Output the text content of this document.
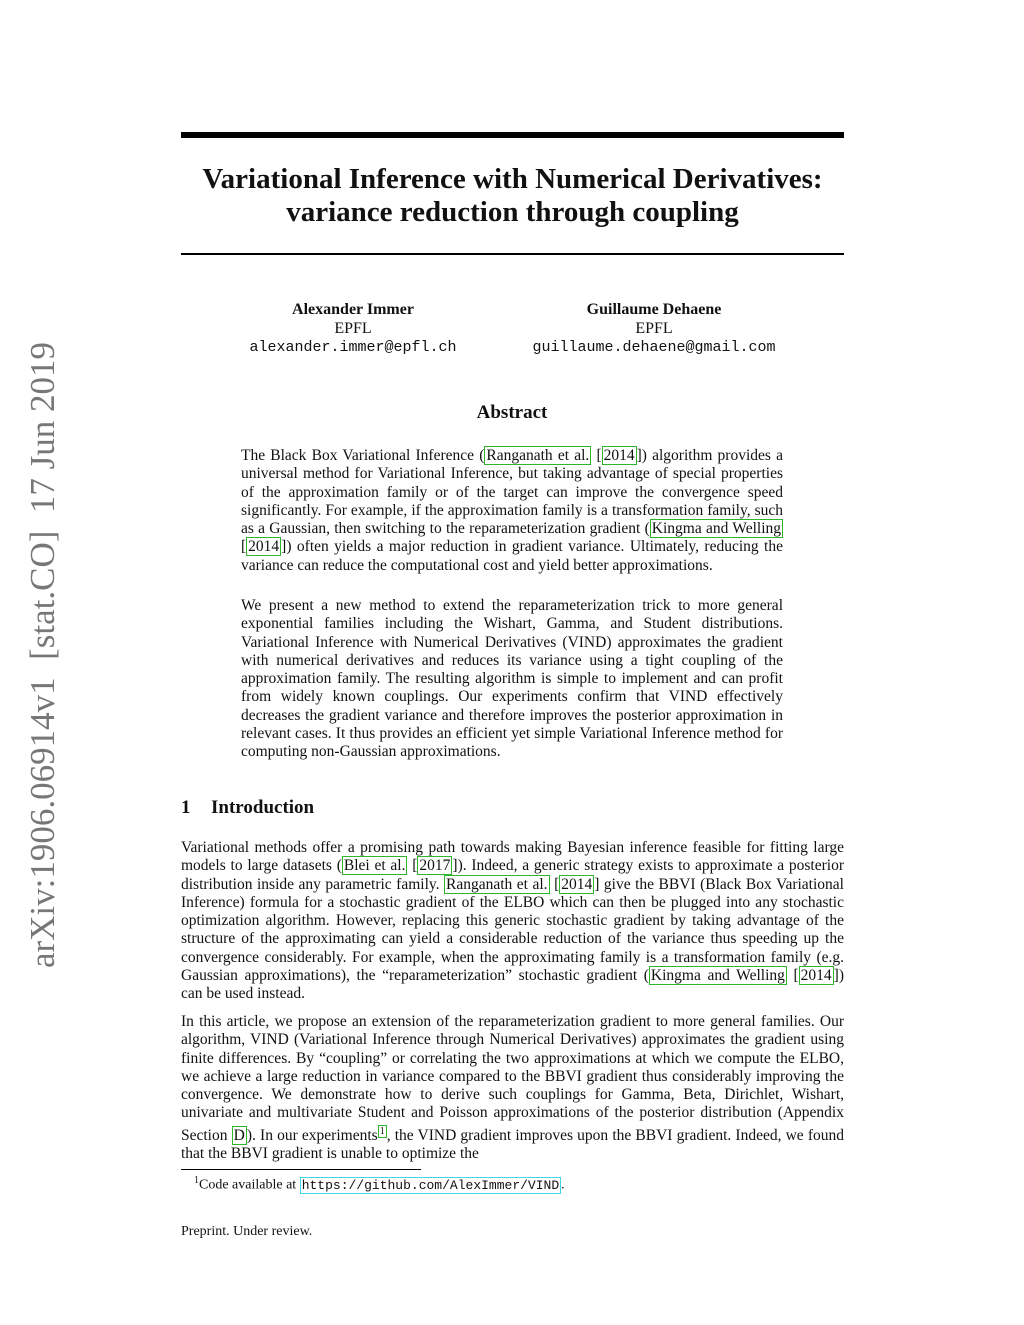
Variational Inference with Numerical Derivatives: variance reduction through coupling
Alexander Immer
EPFL
alexander.immer@epfl.ch
Guillaume Dehaene
EPFL
guillaume.dehaene@gmail.com
Abstract
The Black Box Variational Inference ( Ranganath et al. [ 2014 ]) algorithm provides a universal method for Variational Inference, but taking advantage of special properties of the approximation family or of the target can improve the convergence speed significantly. For example, if the approximation family is a transformation family, such as a Gaussian, then switching to the reparameterization gradient ( Kingma and Welling [ 2014 ]) often yields a major reduction in gradient variance. Ultimately, reducing the variance can reduce the computational cost and yield better approximations.
We present a new method to extend the reparameterization trick to more general exponential families including the Wishart, Gamma, and Student distributions. Variational Inference with Numerical Derivatives (VIND) approximates the gradient with numerical derivatives and reduces its variance using a tight coupling of the approximation family. The resulting algorithm is simple to implement and can profit from widely known couplings. Our experiments confirm that VIND effectively decreases the gradient variance and therefore improves the posterior approximation in relevant cases. It thus provides an efficient yet simple Variational Inference method for computing non-Gaussian approximations.
1 Introduction
Variational methods offer a promising path towards making Bayesian inference feasible for fitting large models to large datasets ( Blei et al. [ 2017 ]). Indeed, a generic strategy exists to approximate a posterior distribution inside any parametric family. Ranganath et al. [ 2014 ] give the BBVI (Black Box Variational Inference) formula for a stochastic gradient of the ELBO which can then be plugged into any stochastic optimization algorithm. However, replacing this generic stochastic gradient by taking advantage of the structure of the approximating can yield a considerable reduction of the variance thus speeding up the convergence considerably. For example, when the approximating family is a transformation family (e.g. Gaussian approximations), the “reparameterization” stochastic gradient ( Kingma and Welling [ 2014 ]) can be used instead.
In this article, we propose an extension of the reparameterization gradient to more general families. Our algorithm, VIND (Variational Inference through Numerical Derivatives) approximates the gradient using finite differences. By “coupling” or correlating the two approximations at which we compute the ELBO, we achieve a large reduction in variance compared to the BBVI gradient thus considerably improving the convergence. We demonstrate how to derive such couplings for Gamma, Beta, Dirichlet, Wishart, univariate and multivariate Student and Poisson approximations of the posterior distribution (Appendix Section D ). In our experiments $^1$ , the VIND gradient improves upon the BBVI gradient. Indeed, we found that the BBVI gradient is unable to optimize the
$^1$Code available at https://github.com/AlexImmer/VIND .
Preprint. Under review.
arXiv:1906.06914v1  [stat.CO]  17 Jun 2019
